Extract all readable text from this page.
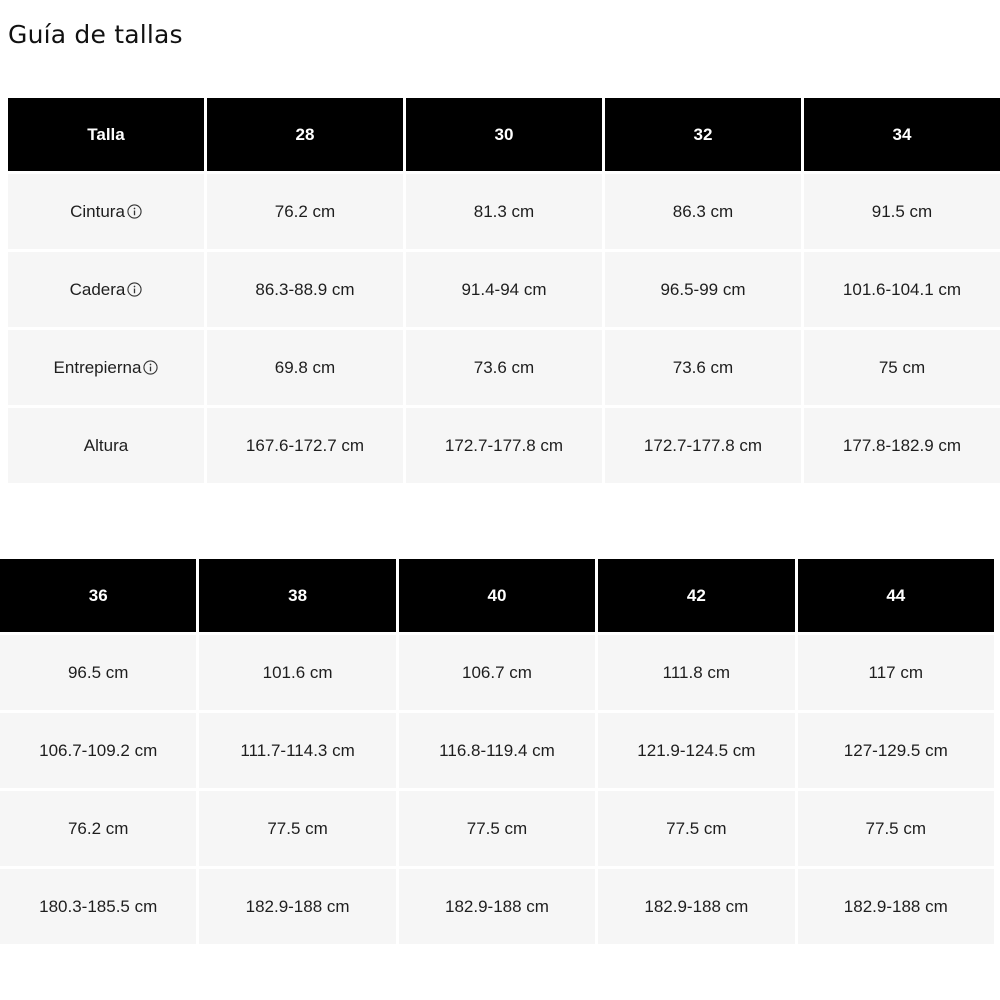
Guía de tallas
Talla	28	30	32	34
Cintura	76.2 cm	81.3 cm	86.3 cm	91.5 cm
Cadera	86.3-88.9 cm	91.4-94 cm	96.5-99 cm	101.6-104.1 cm
Entrepierna	69.8 cm	73.6 cm	73.6 cm	75 cm
Altura	167.6-172.7 cm	172.7-177.8 cm	172.7-177.8 cm	177.8-182.9 cm
36	38	40	42	44
96.5 cm	101.6 cm	106.7 cm	111.8 cm	117 cm
106.7-109.2 cm	111.7-114.3 cm	116.8-119.4 cm	121.9-124.5 cm	127-129.5 cm
76.2 cm	77.5 cm	77.5 cm	77.5 cm	77.5 cm
180.3-185.5 cm	182.9-188 cm	182.9-188 cm	182.9-188 cm	182.9-188 cm
